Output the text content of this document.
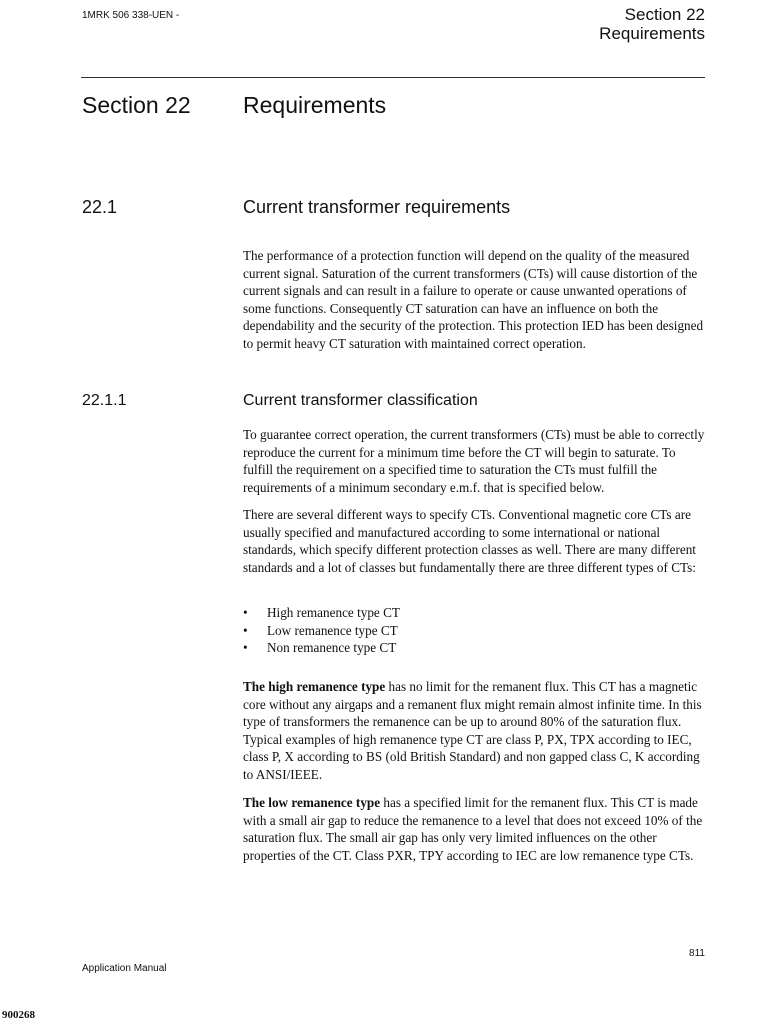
1MRK 506 338-UEN -	Section 22
Requirements
Section 22 Requirements
22.1	Current transformer requirements

The performance of a protection function will depend on the quality of the measured current signal. Saturation of the current transformers (CTs) will cause distortion of the current signals and can result in a failure to operate or cause unwanted operations of some functions. Consequently CT saturation can have an influence on both the dependability and the security of the protection. This protection IED has been designed to permit heavy CT saturation with maintained correct operation.

22.1.1	Current transformer classification

To guarantee correct operation, the current transformers (CTs) must be able to correctly reproduce the current for a minimum time before the CT will begin to saturate. To fulfill the requirement on a specified time to saturation the CTs must fulfill the requirements of a minimum secondary e.m.f. that is specified below.

There are several different ways to specify CTs. Conventional magnetic core CTs are usually specified and manufactured according to some international or national standards, which specify different protection classes as well. There are many different standards and a lot of classes but fundamentally there are three different types of CTs:

• High remanence type CT
• Low remanence type CT
• Non remanence type CT

The high remanence type has no limit for the remanent flux. This CT has a magnetic core without any airgaps and a remanent flux might remain almost infinite time. In this type of transformers the remanence can be up to around 80% of the saturation flux. Typical examples of high remanence type CT are class P, PX, TPX according to IEC, class P, X according to BS (old British Standard) and non gapped class C, K according to ANSI/IEEE.

The low remanence type has a specified limit for the remanent flux. This CT is made with a small air gap to reduce the remanence to a level that does not exceed 10% of the saturation flux. The small air gap has only very limited influences on the other properties of the CT. Class PXR, TPY according to IEC are low remanence type CTs.

811
Application Manual
900268
